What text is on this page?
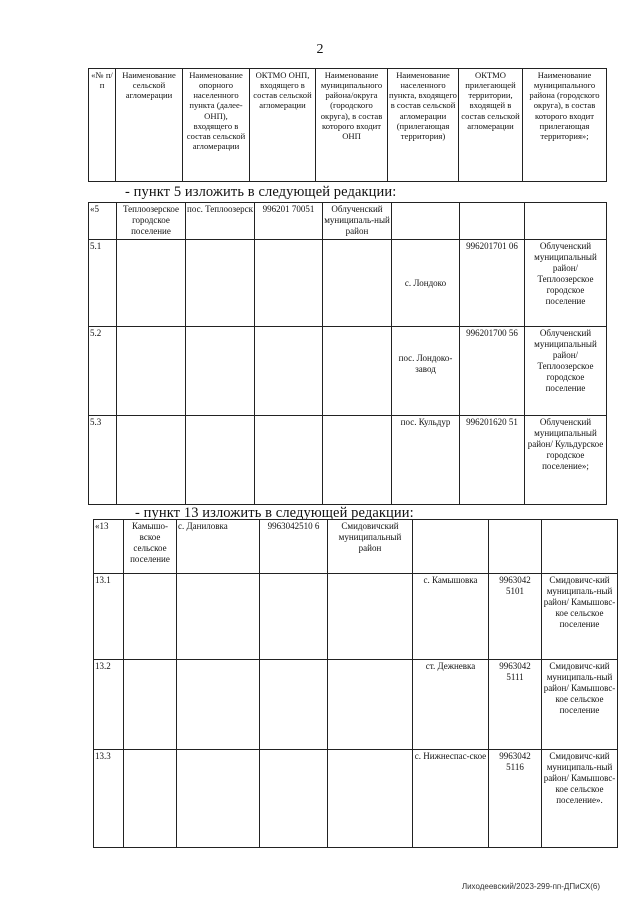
2
«№ п/п	Наименование сельской агломерации	Наименование опорного населенного пункта (далее-ОНП), входящего в состав сельской агломерации	ОКТМО ОНП, входящего в состав сельской агломерации	Наименование муниципального района/округа (городского округа), в состав которого входит ОНП	Наименование населенного пункта, входящего в состав сельской агломерации (прилегающая территория)	ОКТМО прилегающей территории, входящей в состав сельской агломерации	Наименование муниципального района (городского округа), в состав которого входит прилегающая территория»;
- пункт 5 изложить в следующей редакции:
«5	Теплоозерское городское поселение	пос. Теплоозерск	996201 70051	Облученский муниципаль-ный район			
5.1					с. Лондоко	996201701 06	Облученский муниципальный район/ Теплоозерское городское поселение
5.2					пос. Лондоко-завод	996201700 56	Облученский муниципальный район/ Теплоозерское городское поселение
5.3					пос. Кульдур	996201620 51	Облученский муниципальный район/ Кульдурское городское поселение»;
- пункт 13 изложить в следующей редакции:
«13	Камышо-вское сельское поселение	с. Даниловка	9963042510 6	Смидовичский муниципальный район			
13.1					с. Камышовка	9963042 5101	Смидовичс-кий муниципаль-ный район/ Камышовс-кое сельское поселение
13.2					ст. Дежневка	9963042 5111	Смидовичс-кий муниципаль-ный район/ Камышовс-кое сельское поселение
13.3					с. Нижнеспас-ское	9963042 5116	Смидовичс-кий муниципаль-ный район/ Камышовс-кое сельское поселение».
Лиходеевский/2023-299-пп-ДПиСХ(6)
